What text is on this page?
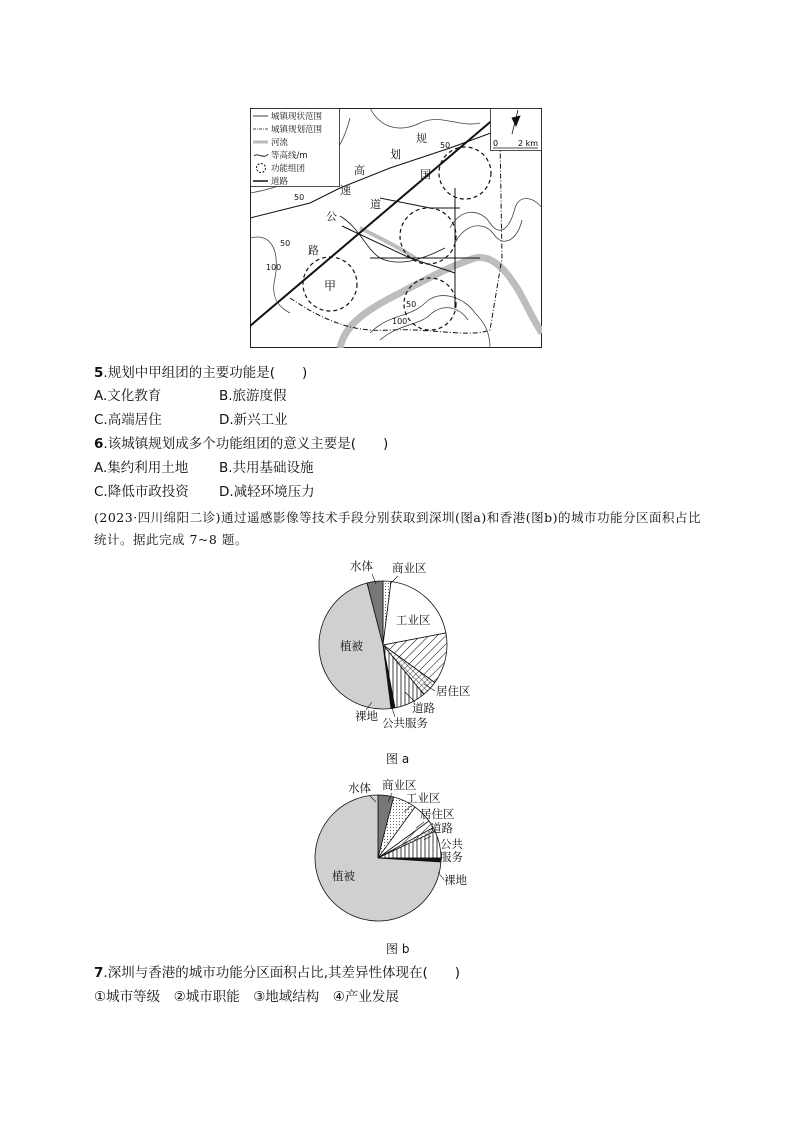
城镇现状范围
城镇规划范围
河流
等高线/m
功能组团
道路
0 2 km
规
划
高	国
速
道
公
路
甲
50
50
100
50
100
50
5.规划中甲组团的主要功能是(　　)
A.文化教育	B.旅游度假
C.高端居住	D.新兴工业
6.该城镇规划成多个功能组团的意义主要是(　　)
A.集约利用土地 B.共用基础设施
C.降低市政投资 D.减轻环境压力
(2023·四川绵阳二诊)通过遥感影像等技术手段分别获取到深圳(图a)和香港(图b)的城市功能分区面积占比统计。据此完成 7~8 题。
商业区
工业区
居住区
道路
公共服务
裸地
植被
水体
图 a
水体 商业区
工业区
居住区
道路
公共
服务
裸地
植被
图 b
7.深圳与香港的城市功能分区面积占比,其差异性体现在(　　)
①城市等级　②城市职能　③地域结构　④产业发展
